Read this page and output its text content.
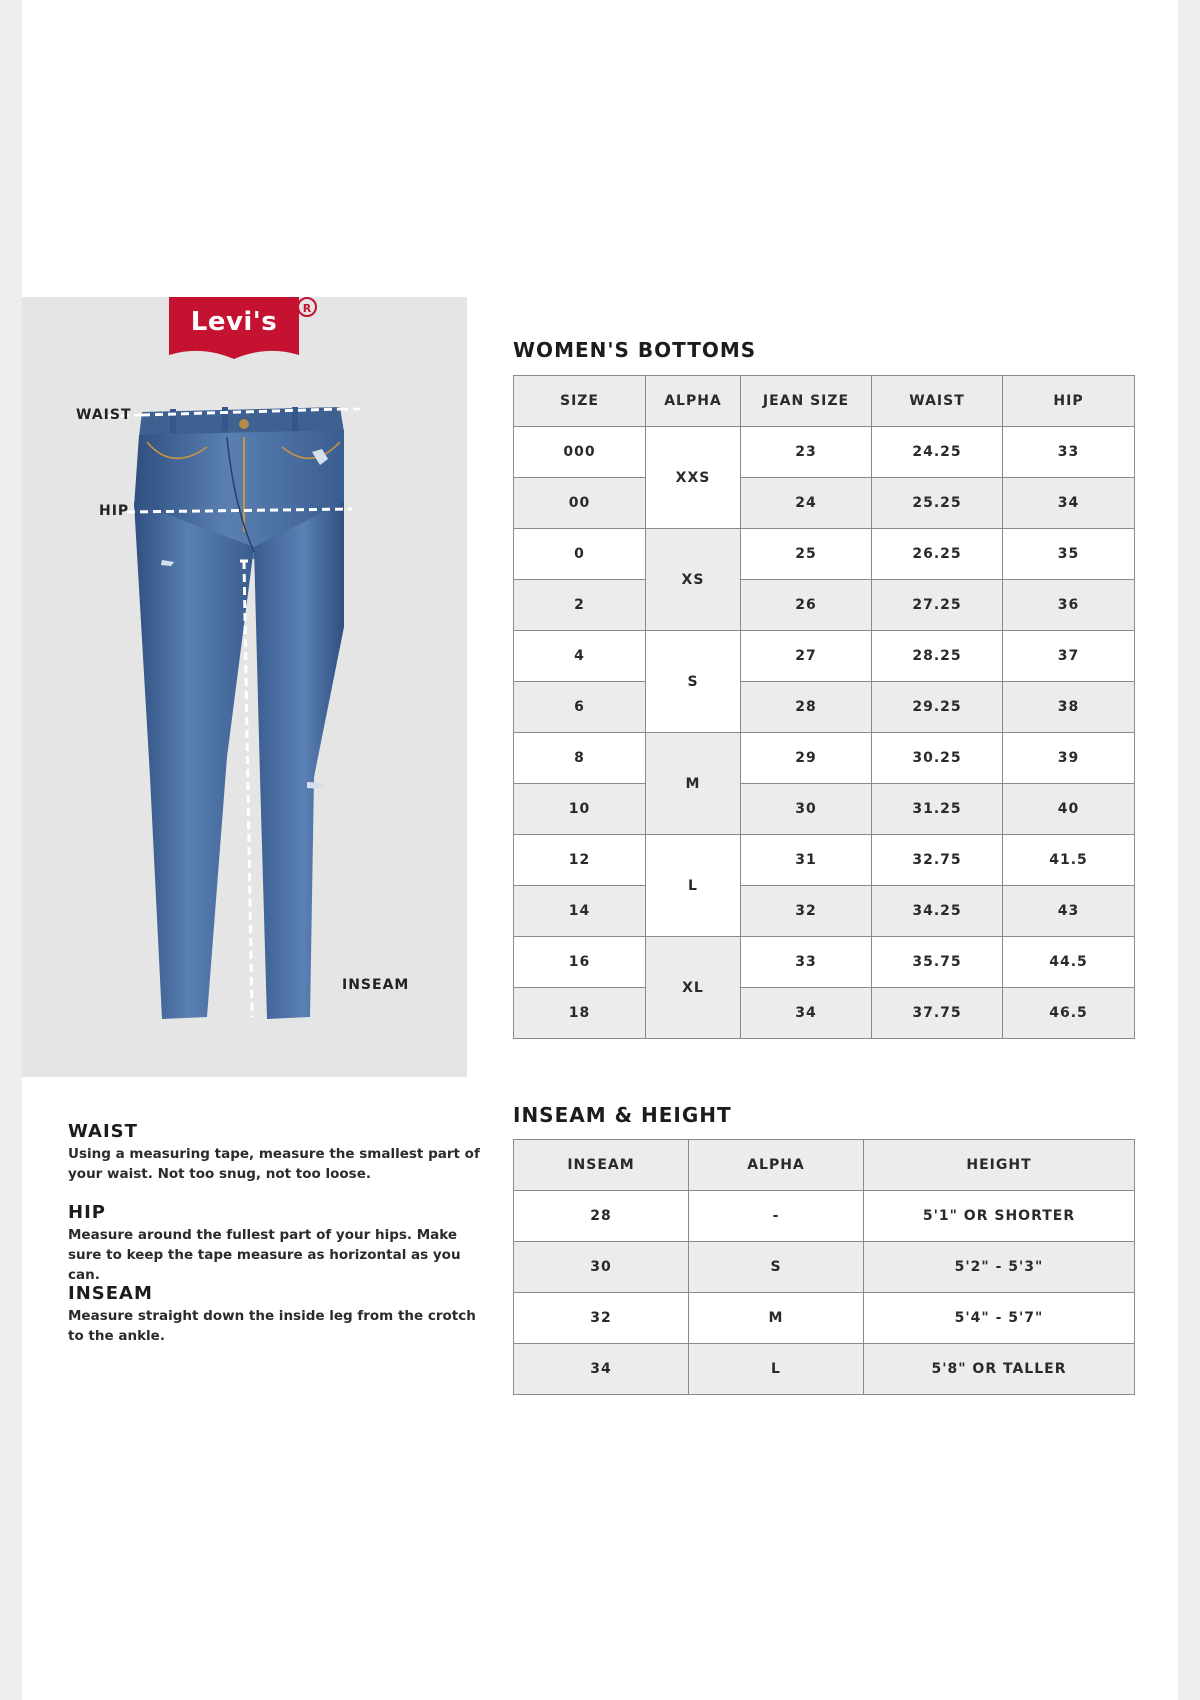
Levi's	R
WAIST
HIP
INSEAM
WAIST

Using a measuring tape, measure the smallest part of your waist. Not too snug, not too loose.

HIP

Measure around the fullest part of your hips. Make sure to keep the tape measure as horizontal as you can.

INSEAM

Measure straight down the inside leg from the crotch to the ankle.

WOMEN'S BOTTOMS
SIZE	ALPHA	JEAN SIZE	WAIST	HIP
000	XXS	23	24.25	33
00		24	25.25	34
0	XS	25	26.25	35
2		26	27.25	36
4	S	27	28.25	37
6		28	29.25	38
8	M	29	30.25	39
10		30	31.25	40
12	L	31	32.75	41.5
14		32	34.25	43
16	XL	33	35.75	44.5
18		34	37.75	46.5
INSEAM & HEIGHT
INSEAM	ALPHA	HEIGHT
28	-	5'1" OR SHORTER
30	S	5'2" - 5'3"
32	M	5'4" - 5'7"
34	L	5'8" OR TALLER
